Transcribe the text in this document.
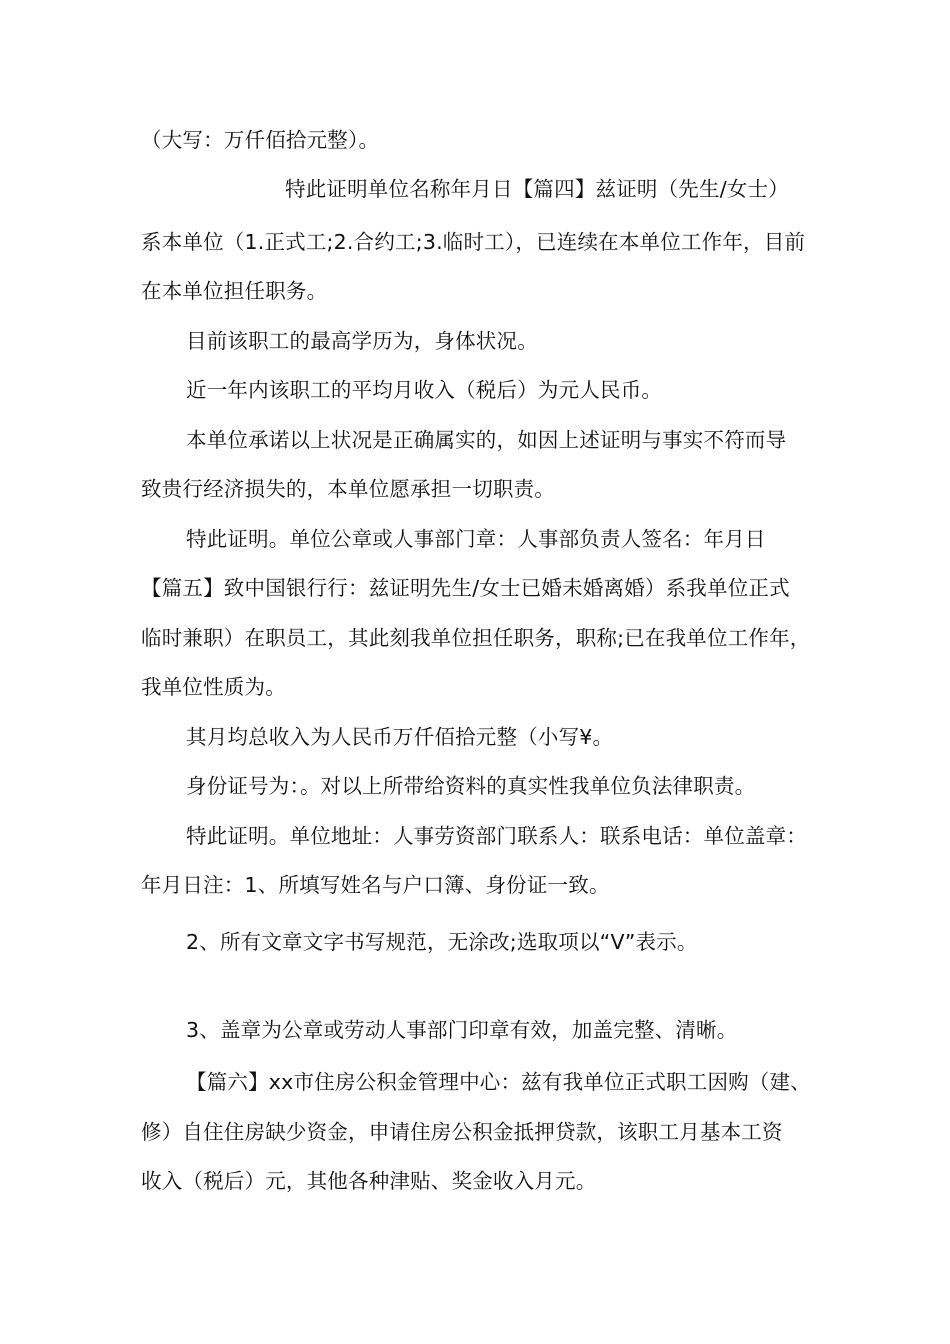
（大写：万仟佰拾元整）。
特此证明单位名称年月日【篇四】兹证明（先生/女士）
系本单位（1.正式工;2.合约工;3.临时工），已连续在本单位工作年，目前
在本单位担任职务。
目前该职工的最高学历为，身体状况。
近一年内该职工的平均月收入（税后）为元人民币。
本单位承诺以上状况是正确属实的，如因上述证明与事实不符而导
致贵行经济损失的，本单位愿承担一切职责。
特此证明。单位公章或人事部门章：人事部负责人签名：年月日
【篇五】致中国银行行：兹证明先生/女士已婚未婚离婚）系我单位正式
临时兼职）在职员工，其此刻我单位担任职务，职称;已在我单位工作年，
我单位性质为。
其月均总收入为人民币万仟佰拾元整（小写¥。
身份证号为：。对以上所带给资料的真实性我单位负法律职责。
特此证明。单位地址：人事劳资部门联系人：联系电话：单位盖章：
年月日注：1、所填写姓名与户口簿、身份证一致。
2、所有文章文字书写规范，无涂改;选取项以“V”表示。
3、盖章为公章或劳动人事部门印章有效，加盖完整、清晰。
【篇六】xx市住房公积金管理中心：兹有我单位正式职工因购（建、
修）自住住房缺少资金，申请住房公积金抵押贷款，该职工月基本工资
收入（税后）元，其他各种津贴、奖金收入月元。
